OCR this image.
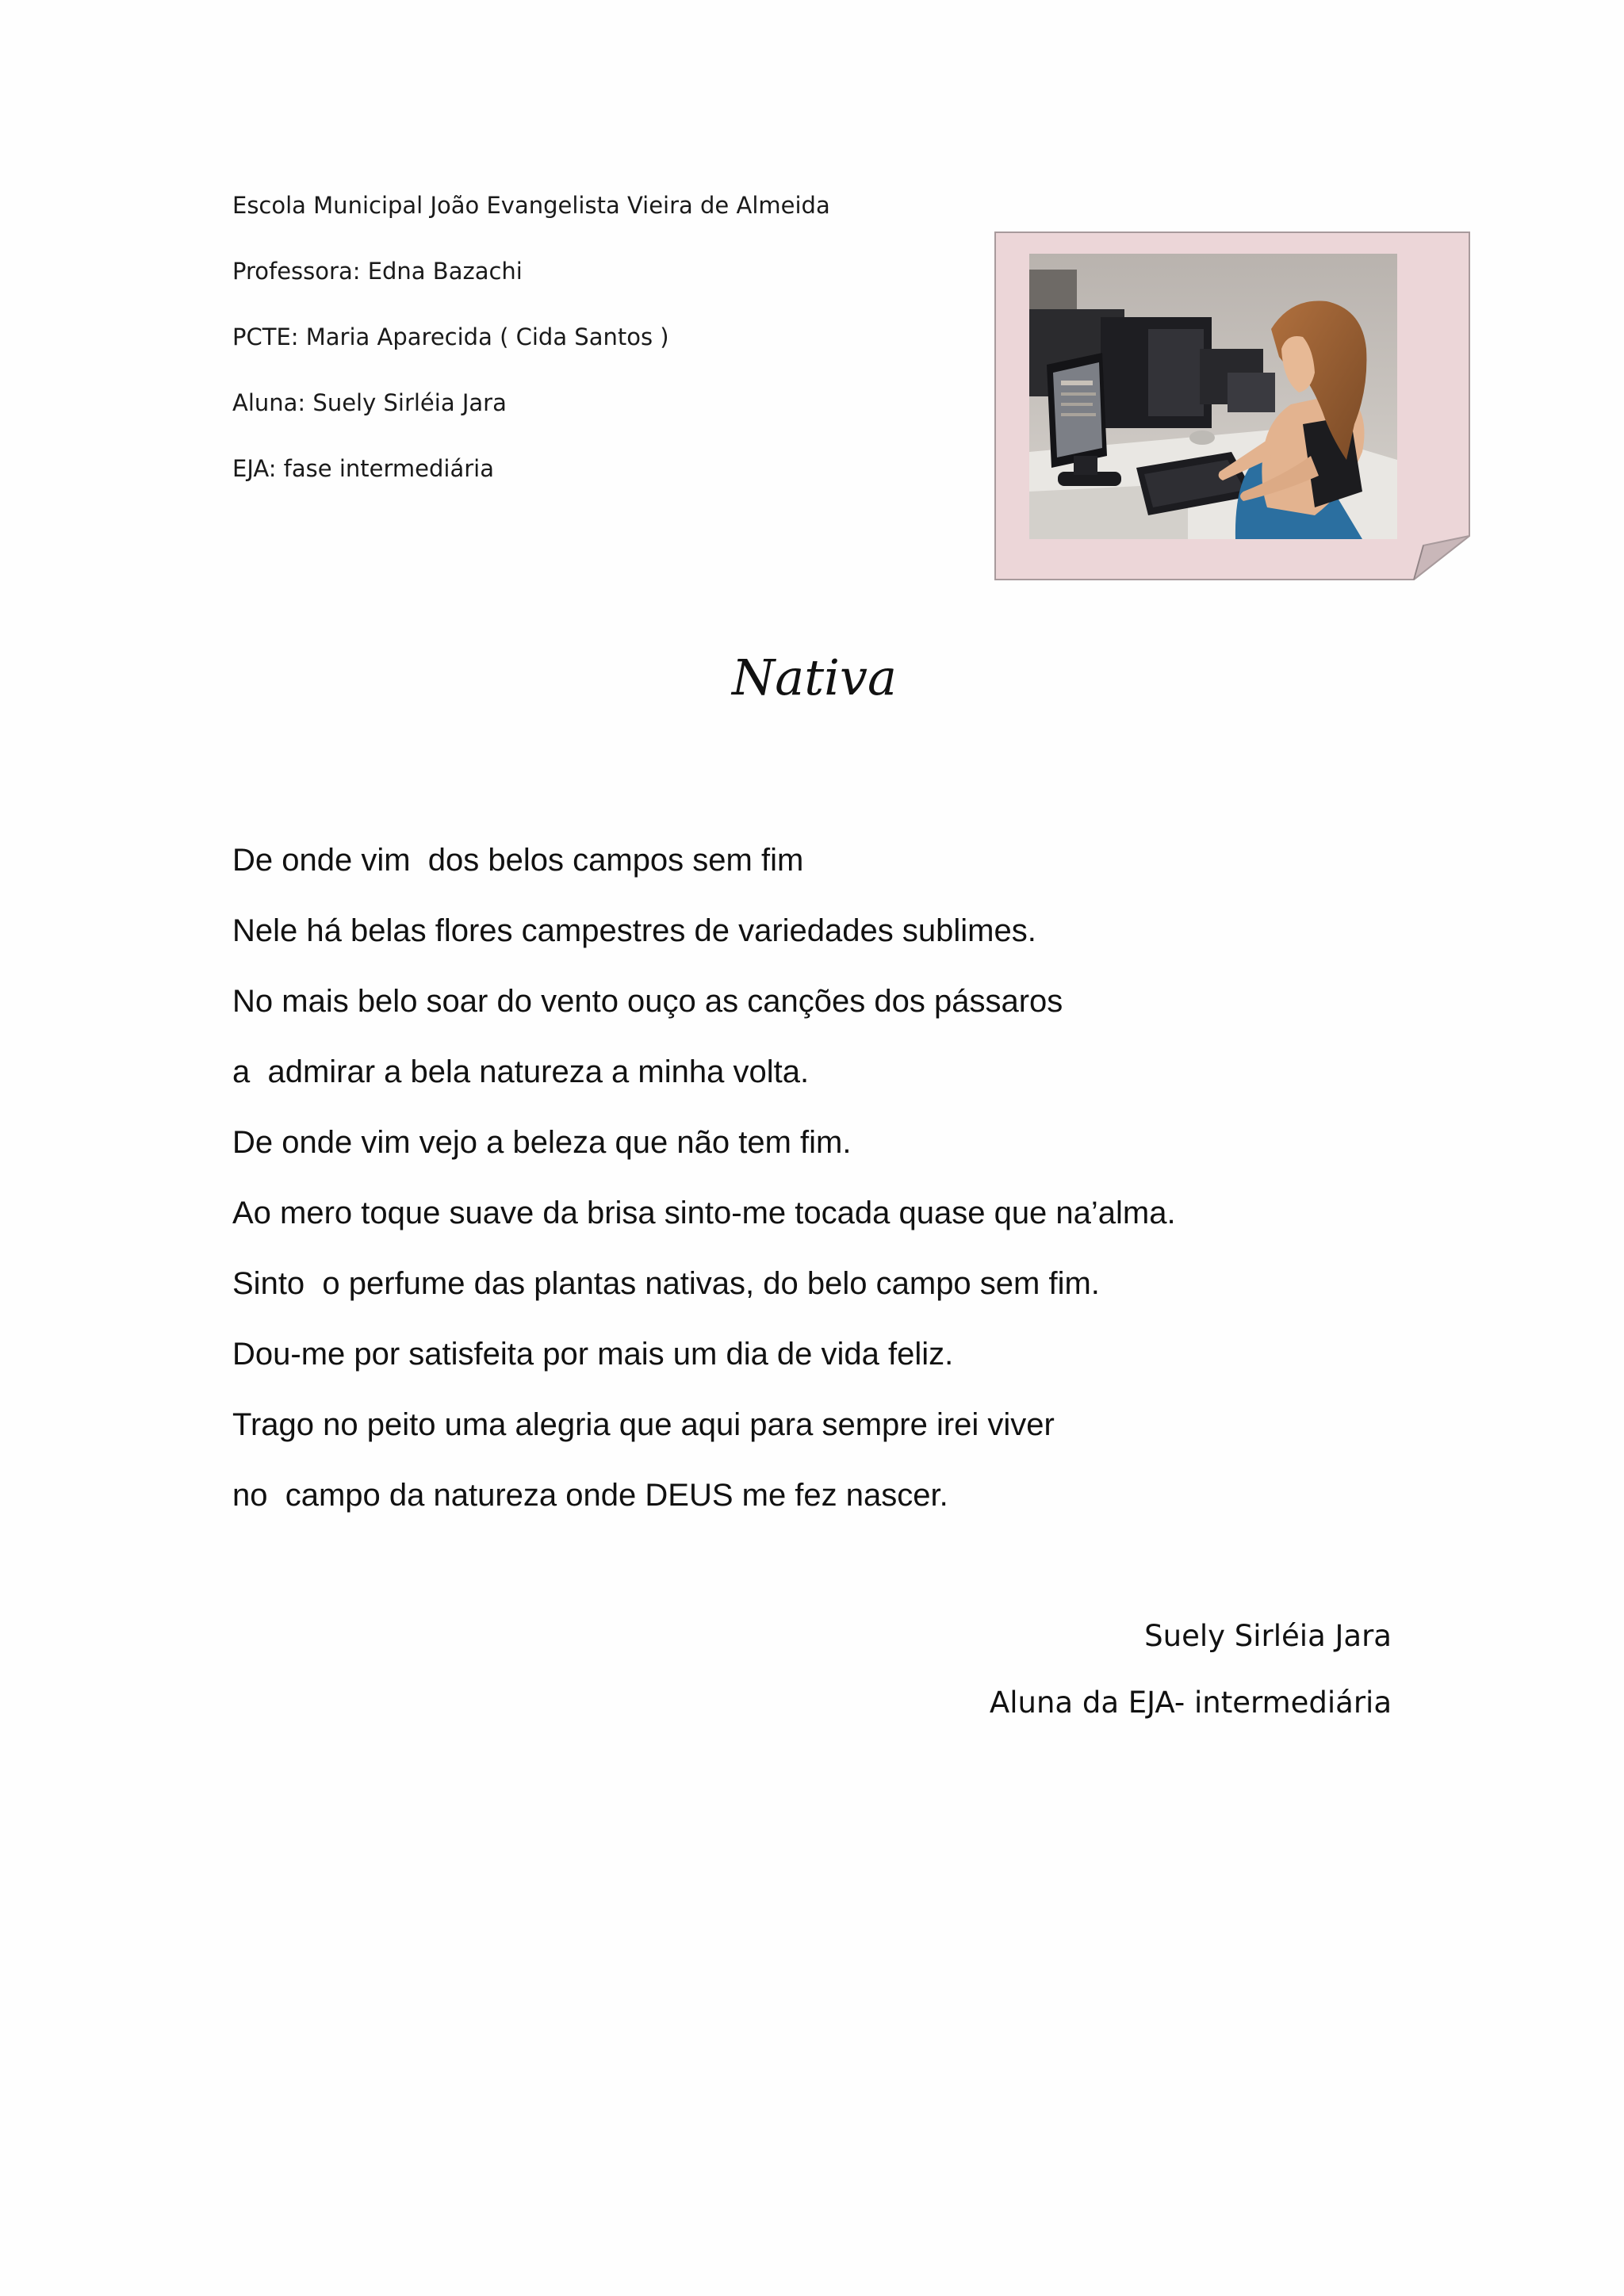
Escola Municipal João Evangelista Vieira de Almeida
Professora: Edna Bazachi
PCTE: Maria Aparecida ( Cida Santos )
Aluna: Suely Sirléia Jara
EJA: fase intermediária
Nativa
De onde vim  dos belos campos sem fim
Nele há belas flores campestres de variedades sublimes.
No mais belo soar do vento ouço as canções dos pássaros
a  admirar a bela natureza a minha volta.
De onde vim vejo a beleza que não tem fim.
Ao mero toque suave da brisa sinto-me tocada quase que na’alma.
Sinto  o perfume das plantas nativas, do belo campo sem fim.
Dou-me por satisfeita por mais um dia de vida feliz.
Trago no peito uma alegria que aqui para sempre irei viver
no  campo da natureza onde DEUS me fez nascer.
Suely Sirléia Jara
Aluna da EJA- intermediária
